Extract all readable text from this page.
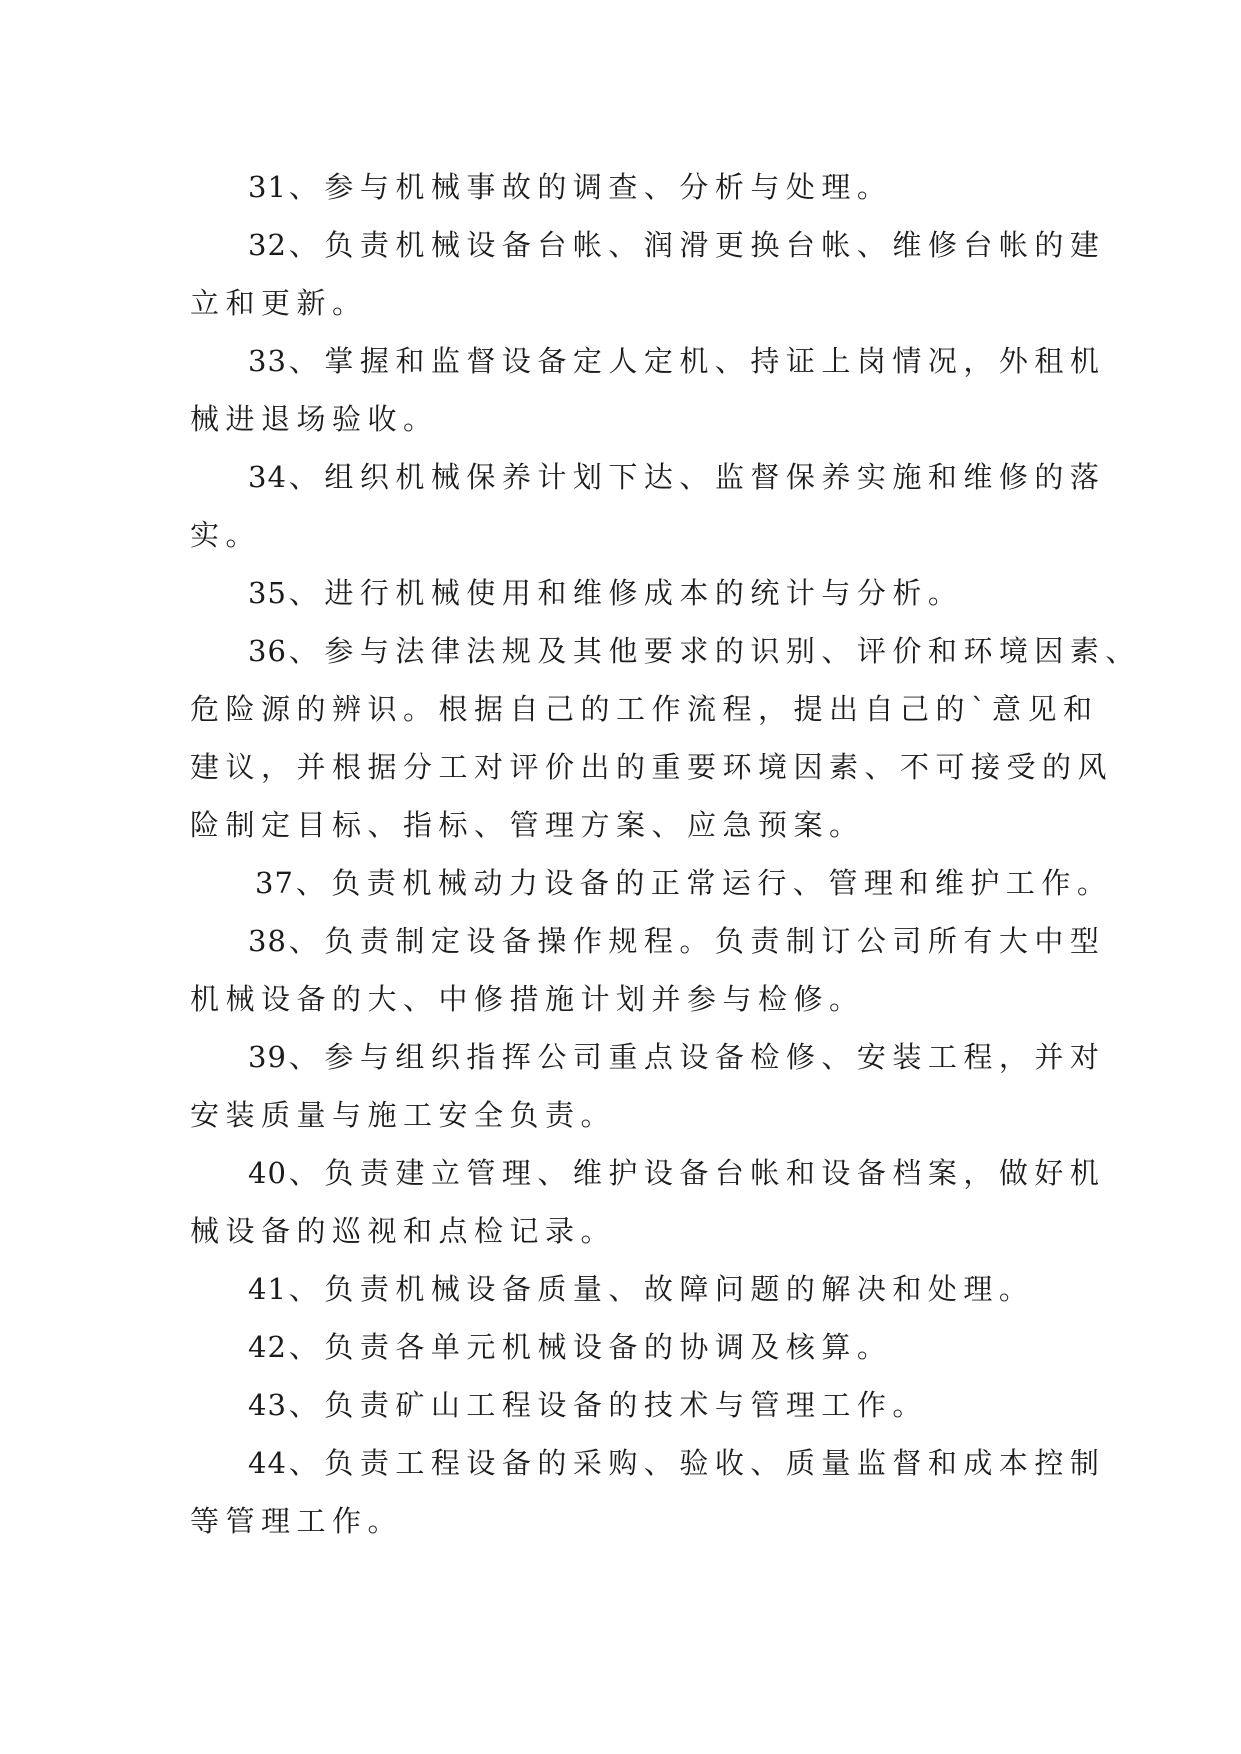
31 、参与机械事故的调查、分析与处理。
32 、负责机械设备台帐、润滑更换台帐、维修台帐的建
立和更新。
33 、掌握和监督设备定人定机、持证上岗情况，外租机
械进退场验收。
34 、组织机械保养计划下达、监督保养实施和维修的落
实。
35 、进行机械使用和维修成本的统计与分析。
36 、参与法律法规及其他要求的识别、评价和环境因素、
危险源的辨识。根据自己的工作流程，提出自己的`意见和
建议，并根据分工对评价出的重要环境因素、不可接受的风
险制定目标、指标、管理方案、应急预案。
37 、负责机械动力设备的正常运行、管理和维护工作。
38 、负责制定设备操作规程。负责制订公司所有大中型
机械设备的大、中修措施计划并参与检修。
39 、参与组织指挥公司重点设备检修、安装工程，并对
安装质量与施工安全负责。
40 、负责建立管理、维护设备台帐和设备档案，做好机
械设备的巡视和点检记录。
41 、负责机械设备质量、故障问题的解决和处理。
42 、负责各单元机械设备的协调及核算。
43 、负责矿山工程设备的技术与管理工作。
44 、负责工程设备的采购、验收、质量监督和成本控制
等管理工作。
